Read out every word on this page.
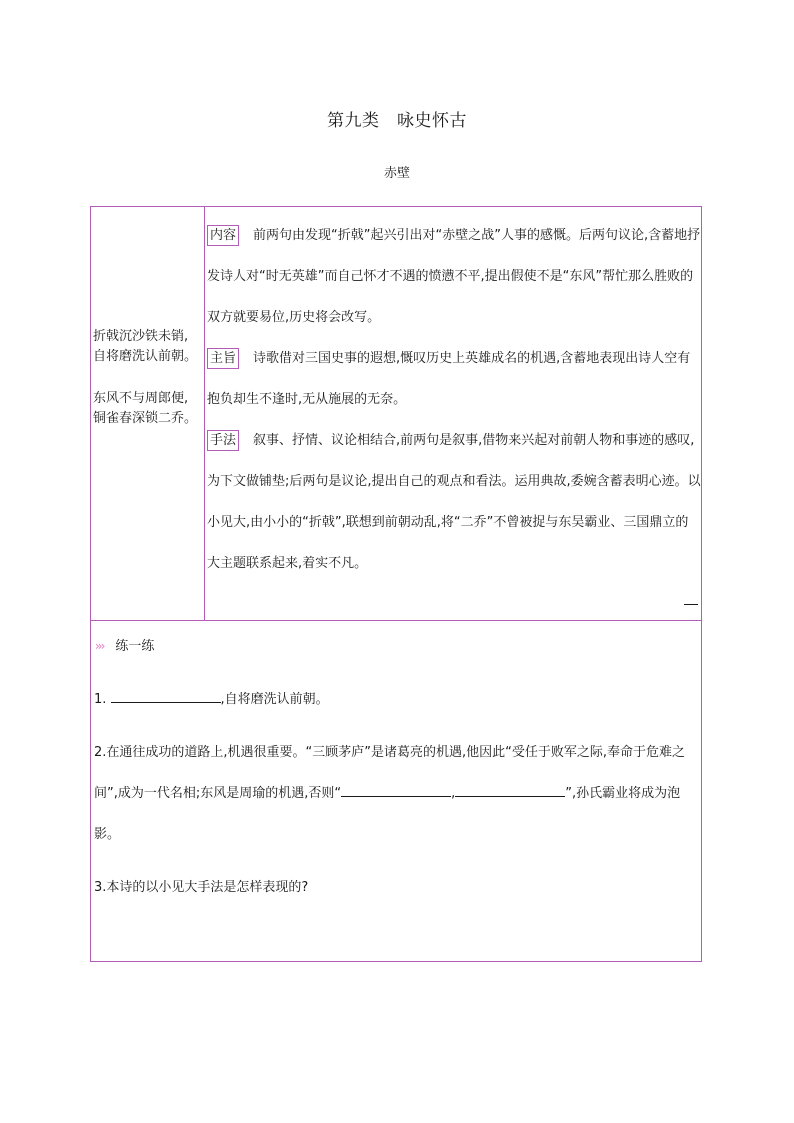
第九类　咏史怀古
赤壁

折戟沉沙铁未销,
自将磨洗认前朝。

东风不与周郎便,
铜雀春深锁二乔。

内容 前两句由发现“折戟”起兴引出对“赤壁之战”人事的感慨。后两句议论,含蓄地抒发诗人对“时无英雄”而自己怀才不遇的愤懑不平,提出假使不是“东风”帮忙那么胜败的双方就要易位,历史将会改写。

主旨 诗歌借对三国史事的遐想,慨叹历史上英雄成名的机遇,含蓄地表现出诗人空有抱负却生不逢时,无从施展的无奈。

手法 叙事、抒情、议论相结合,前两句是叙事,借物来兴起对前朝人物和事迹的感叹,为下文做铺垫;后两句是议论,提出自己的观点和看法。运用典故,委婉含蓄表明心迹。以小见大,由小小的“折戟”,联想到前朝动乱,将“二乔”不曾被捉与东吴霸业、三国鼎立的大主题联系起来,着实不凡。

››› 练一练

1.	,自将磨洗认前朝。

2.在通往成功的道路上,机遇很重要。“三顾茅庐”是诸葛亮的机遇,他因此“受任于败军之际,奉命于危难之间”,成为一代名相;东风是周瑜的机遇,否则“	,	”,孙氏霸业将成为泡影。

3.本诗的以小见大手法是怎样表现的?
